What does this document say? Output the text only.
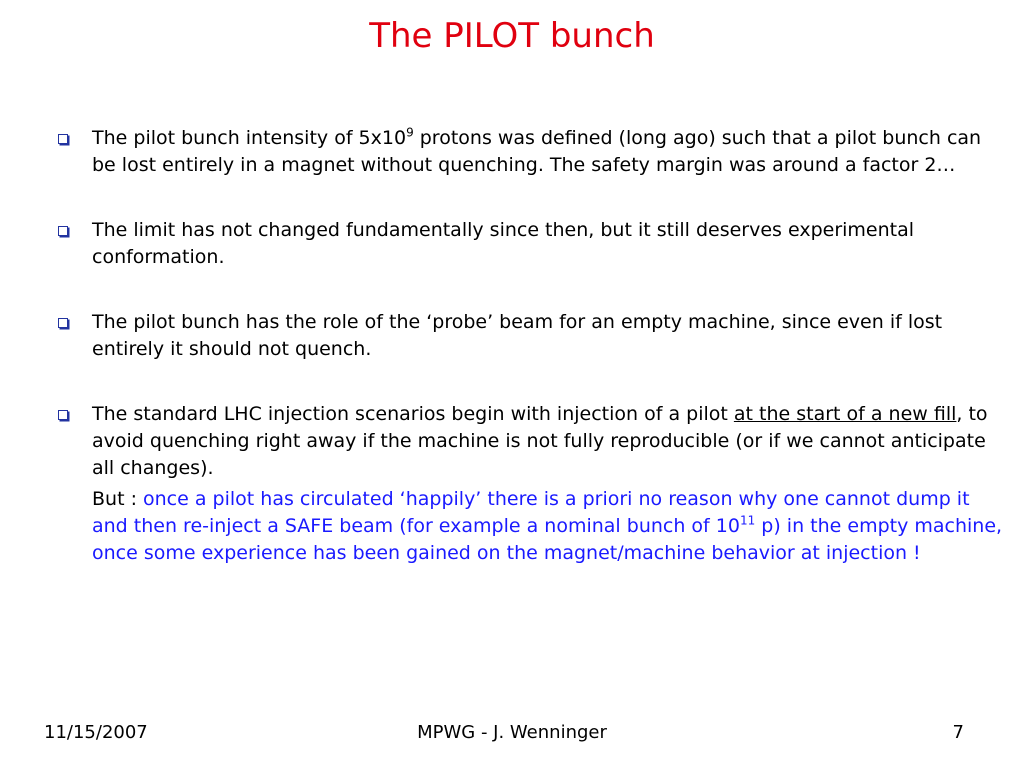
The PILOT bunch
The pilot bunch intensity of $5x10^9$ protons was defined (long ago) such that a pilot bunch can be lost entirely in a magnet without quenching. The safety margin was around a factor 2…
The limit has not changed fundamentally since then, but it still deserves experimental conformation.
The pilot bunch has the role of the ‘probe’ beam for an empty machine, since even if lost entirely it should not quench.
The standard LHC injection scenarios begin with injection of a pilot at the start of a new fill, to avoid quenching right away if the machine is not fully reproducible (or if we cannot anticipate all changes).
But : once a pilot has circulated ‘happily’ there is a priori no reason why one cannot dump it and then re-inject a SAFE beam (for example a nominal bunch of $10^{11}$ p) in the empty machine, once some experience has been gained on the magnet/machine behavior at injection !
11/15/2007	MPWG - J. Wenninger	7
